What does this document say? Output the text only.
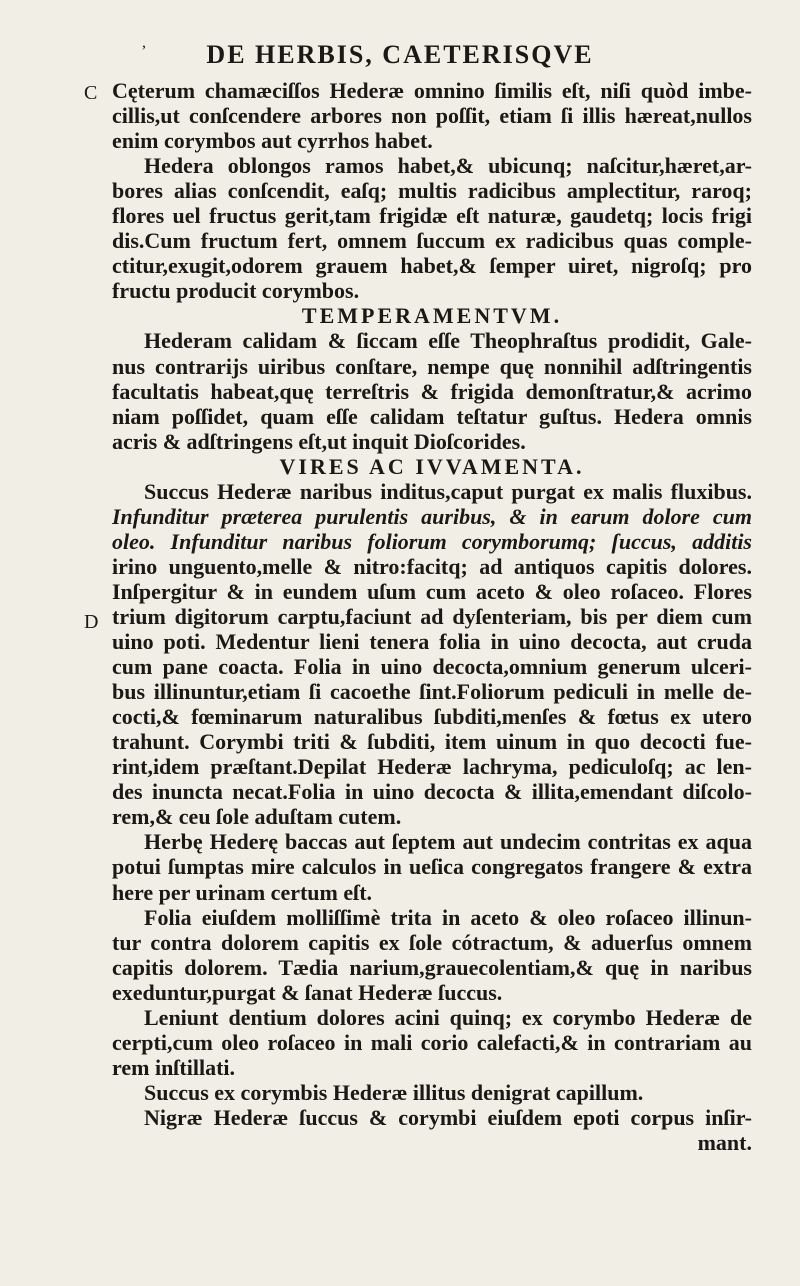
, DE HERBIS, CAETERISQVE
C
D
Cęterum chamæciſſos Hederæ omnino ſimilis eſt, niſi quòd imbe-
cillis,ut conſcendere arbores non poſſit, etiam ſi illis hæreat,nullos
enim corymbos aut cyrrhos habet.
Hedera oblongos ramos habet,& ubicunq; naſcitur,hæret,ar-
bores alias conſcendit, eaſq; multis radicibus amplectitur, raroq;
flores uel fructus gerit,tam frigidæ eſt naturæ, gaudetq; locis frigi
dis.Cum fructum fert, omnem ſuccum ex radicibus quas comple-
ctitur,exugit,odorem grauem habet,& ſemper uiret, nigroſq; pro
fructu producit corymbos.
TEMPERAMENTVM.
Hederam calidam & ſiccam eſſe Theophraſtus prodidit, Gale-
nus contrarijs uiribus conſtare, nempe quę nonnihil adſtringentis
facultatis habeat,quę terreſtris & frigida demonſtratur,& acrimo
niam poſſidet, quam eſſe calidam teſtatur guſtus. Hedera omnis
acris & adſtringens eſt,ut inquit Dioſcorides.
VIRES AC IVVAMENTA.
Succus Hederæ naribus inditus,caput purgat ex malis fluxibus.
Infunditur præterea purulentis auribus, & in earum dolore cum
oleo. Infunditur naribus foliorum corymborumq; ſuccus, additis
irino unguento,melle & nitro:facitq; ad antiquos capitis dolores.
Inſpergitur & in eundem uſum cum aceto & oleo roſaceo. Flores
trium digitorum carptu,faciunt ad dyſenteriam, bis per diem cum
uino poti. Medentur lieni tenera folia in uino decocta, aut cruda
cum pane coacta. Folia in uino decocta,omnium generum ulceri-
bus illinuntur,etiam ſi cacoethe ſint.Foliorum pediculi in melle de-
cocti,& fœminarum naturalibus ſubditi,menſes & fœtus ex utero
trahunt. Corymbi triti & ſubditi, item uinum in quo decocti fue-
rint,idem præſtant.Depilat Hederæ lachryma, pediculoſq; ac len-
des inuncta necat.Folia in uino decocta & illita,emendant diſcolo-
rem,& ceu ſole aduſtam cutem.
Herbę Hederę baccas aut ſeptem aut undecim contritas ex aqua
potui ſumptas mire calculos in ueſica congregatos frangere & extra
here per urinam certum eſt.
Folia eiuſdem molliſſimè trita in aceto & oleo roſaceo illinun-
tur contra dolorem capitis ex ſole cótractum, & aduerſus omnem
capitis dolorem. Tædia narium,grauecolentiam,& quę in naribus
exeduntur,purgat & ſanat Hederæ ſuccus.
Leniunt dentium dolores acini quinq; ex corymbo Hederæ de
cerpti,cum oleo roſaceo in mali corio calefacti,& in contrariam au
rem inſtillati.
Succus ex corymbis Hederæ illitus denigrat capillum.
Nigræ Hederæ ſuccus & corymbi eiuſdem epoti corpus inſir-
mant.
